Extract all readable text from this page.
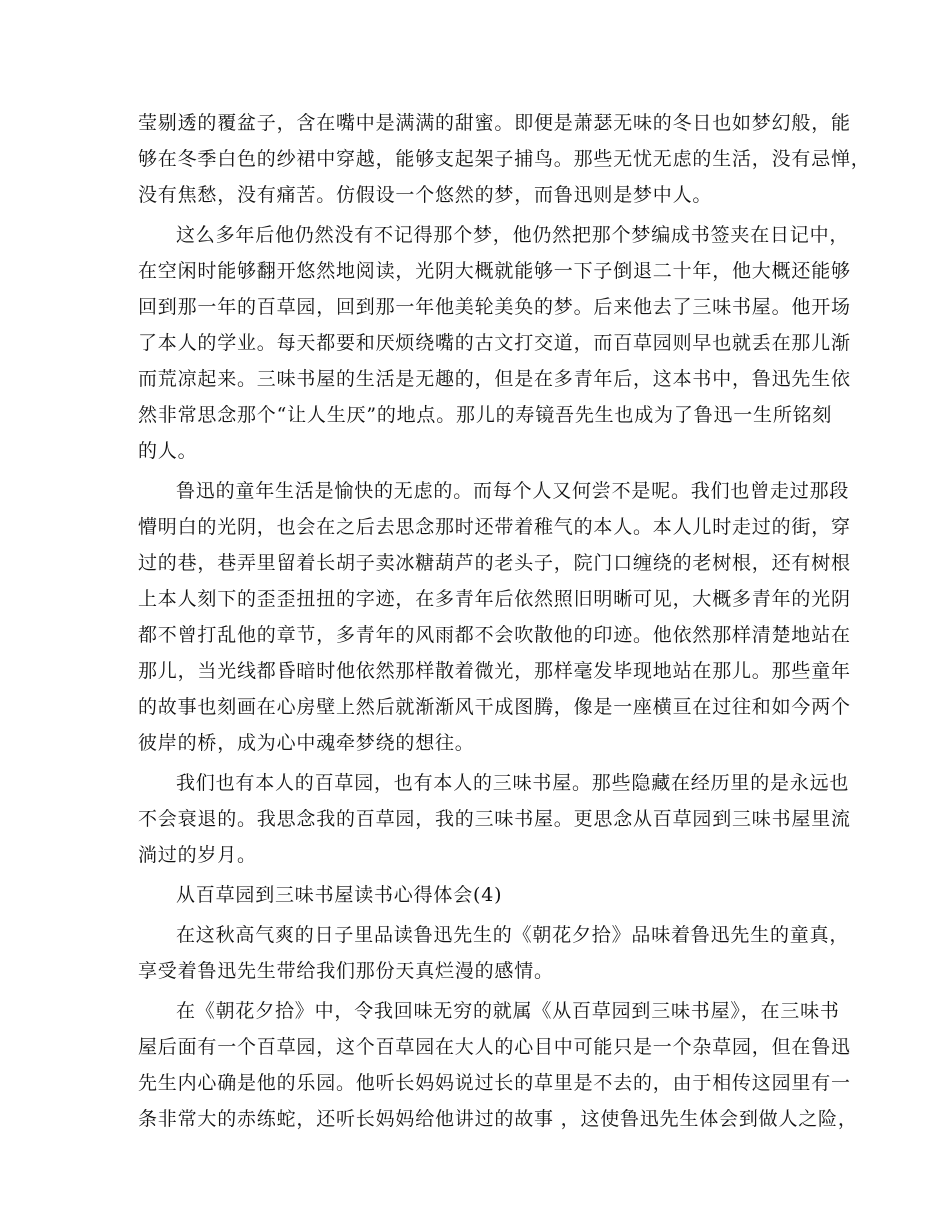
莹剔透的覆盆子，含在嘴中是满满的甜蜜。即便是萧瑟无味的冬日也如梦幻般，能
够在冬季白色的纱裙中穿越，能够支起架子捕鸟。那些无忧无虑的生活，没有忌惮，
没有焦愁，没有痛苦。仿假设一个悠然的梦，而鲁迅则是梦中人。
这么多年后他仍然没有不记得那个梦，他仍然把那个梦编成书签夹在日记中，
在空闲时能够翻开悠然地阅读，光阴大概就能够一下子倒退二十年，他大概还能够
回到那一年的百草园，回到那一年他美轮美奂的梦。后来他去了三味书屋。他开场
了本人的学业。每天都要和厌烦绕嘴的古文打交道，而百草园则早也就丢在那儿渐
而荒凉起来。三味书屋的生活是无趣的，但是在多青年后，这本书中，鲁迅先生依
然非常思念那个“让人生厌”的地点。那儿的寿镜吾先生也成为了鲁迅一生所铭刻
的人。
鲁迅的童年生活是愉快的无虑的。而每个人又何尝不是呢。我们也曾走过那段
懵明白的光阴，也会在之后去思念那时还带着稚气的本人。本人儿时走过的街，穿
过的巷，巷弄里留着长胡子卖冰糖葫芦的老头子，院门口缠绕的老树根，还有树根
上本人刻下的歪歪扭扭的字迹，在多青年后依然照旧明晰可见，大概多青年的光阴
都不曾打乱他的章节，多青年的风雨都不会吹散他的印迹。他依然那样清楚地站在
那儿，当光线都昏暗时他依然那样散着微光，那样毫发毕现地站在那儿。那些童年
的故事也刻画在心房壁上然后就渐渐风干成图腾，像是一座横亘在过往和如今两个
彼岸的桥，成为心中魂牵梦绕的想往。
我们也有本人的百草园，也有本人的三味书屋。那些隐藏在经历里的是永远也
不会衰退的。我思念我的百草园，我的三味书屋。更思念从百草园到三味书屋里流
淌过的岁月。
从百草园到三味书屋读书心得体会(4)
在这秋高气爽的日子里品读鲁迅先生的《朝花夕拾》品味着鲁迅先生的童真，
享受着鲁迅先生带给我们那份天真烂漫的感情。
在《朝花夕拾》中，令我回味无穷的就属《从百草园到三味书屋》，在三味书
屋后面有一个百草园，这个百草园在大人的心目中可能只是一个杂草园，但在鲁迅
先生内心确是他的乐园。他听长妈妈说过长的草里是不去的，由于相传这园里有一
条非常大的赤练蛇，还听长妈妈给他讲过的故事 ，这使鲁迅先生体会到做人之险，
